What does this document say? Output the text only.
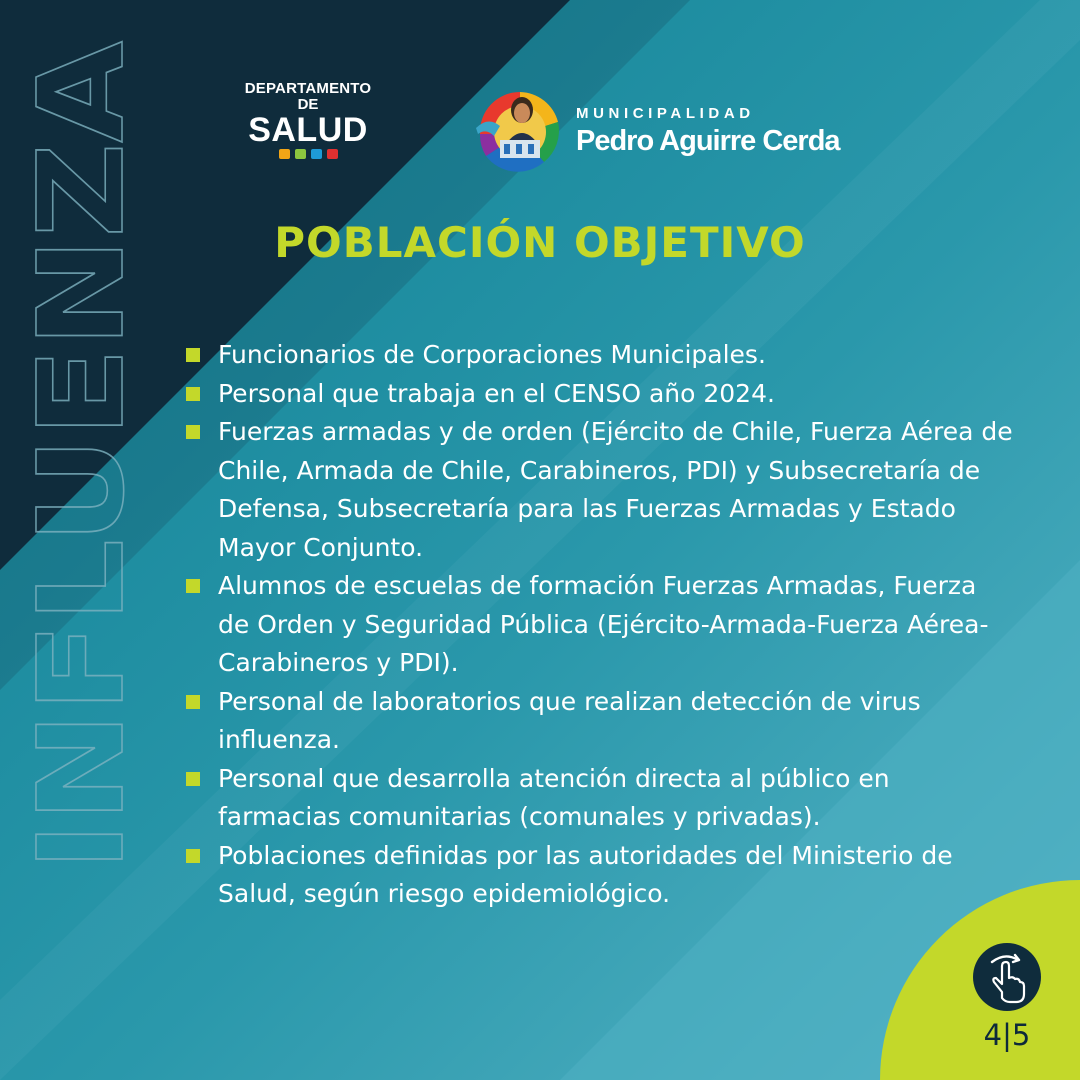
INFLUENZA
DEPARTAMENTO
DE
SALUD	MUNICIPALIDAD
Pedro Aguirre Cerda
POBLACIÓN OBJETIVO
Funcionarios de Corporaciones Municipales.
Personal que trabaja en el CENSO año 2024.
Fuerzas armadas y de orden (Ejército de Chile, Fuerza Aérea de Chile, Armada de Chile, Carabineros, PDI) y Subsecretaría de Defensa, Subsecretaría para las Fuerzas Armadas y Estado Mayor Conjunto.
Alumnos de escuelas de formación Fuerzas Armadas, Fuerza de Orden y Seguridad Pública (Ejército-Armada-Fuerza Aérea-Carabineros y PDI).
Personal de laboratorios que realizan detección de virus influenza.
Personal que desarrolla atención directa al público en farmacias comunitarias (comunales y privadas).
Poblaciones definidas por las autoridades del Ministerio de Salud, según riesgo epidemiológico.
4|5
